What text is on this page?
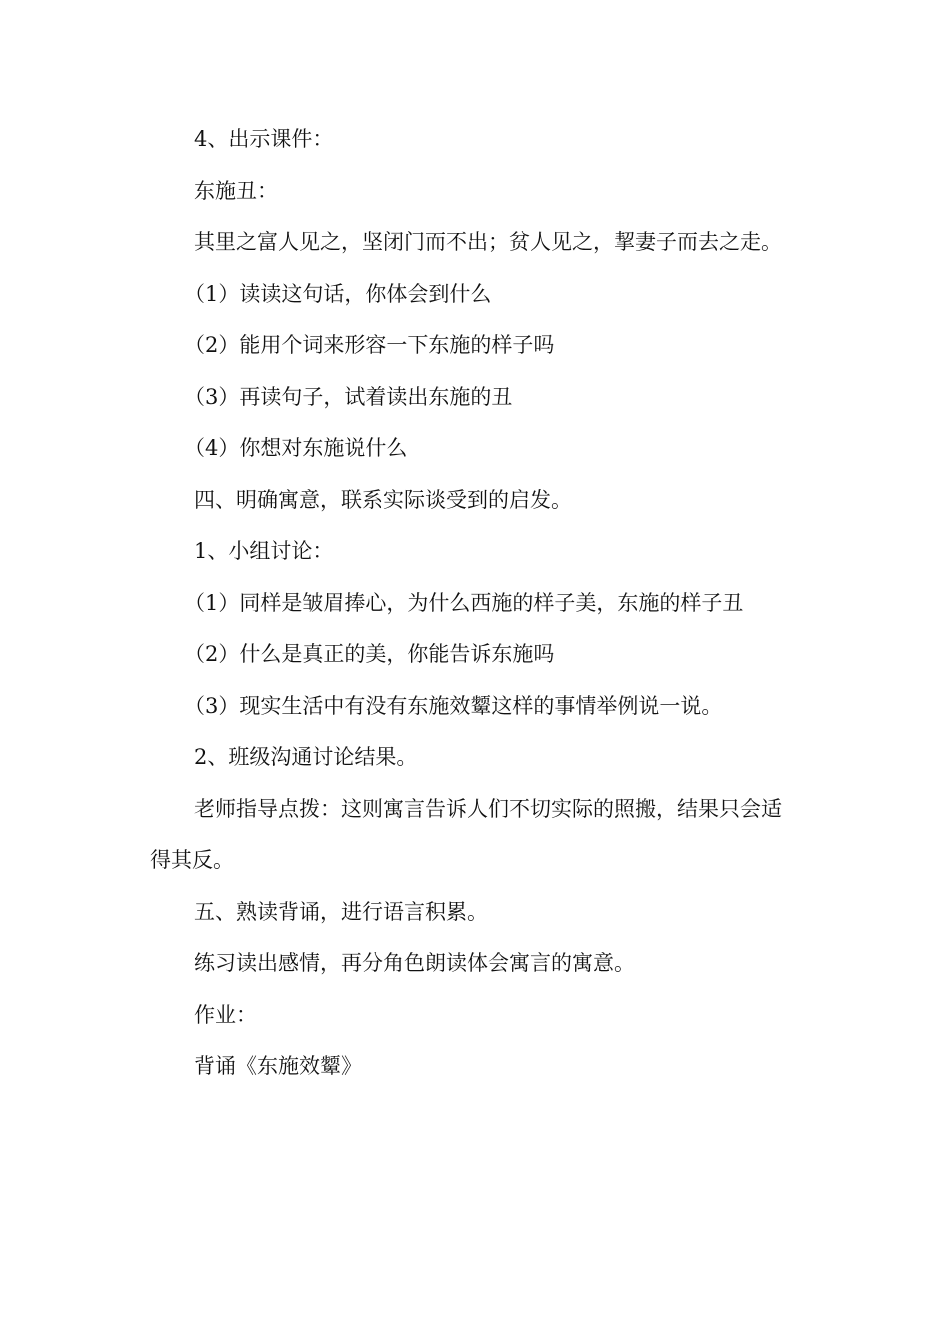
4、出示课件：

东施丑：

其里之富人见之，坚闭门而不出；贫人见之，挈妻子而去之走。

（1）读读这句话，你体会到什么

（2）能用个词来形容一下东施的样子吗

（3）再读句子，试着读出东施的丑

（4）你想对东施说什么

四、明确寓意，联系实际谈受到的启发。

1、小组讨论：

（1）同样是皱眉捧心，为什么西施的样子美，东施的样子丑

（2）什么是真正的美，你能告诉东施吗

（3）现实生活中有没有东施效颦这样的事情举例说一说。

2、班级沟通讨论结果。

老师指导点拨：这则寓言告诉人们不切实际的照搬，结果只会适得其反。

五、熟读背诵，进行语言积累。

练习读出感情，再分角色朗读体会寓言的寓意。

作业：

背诵《东施效颦》
